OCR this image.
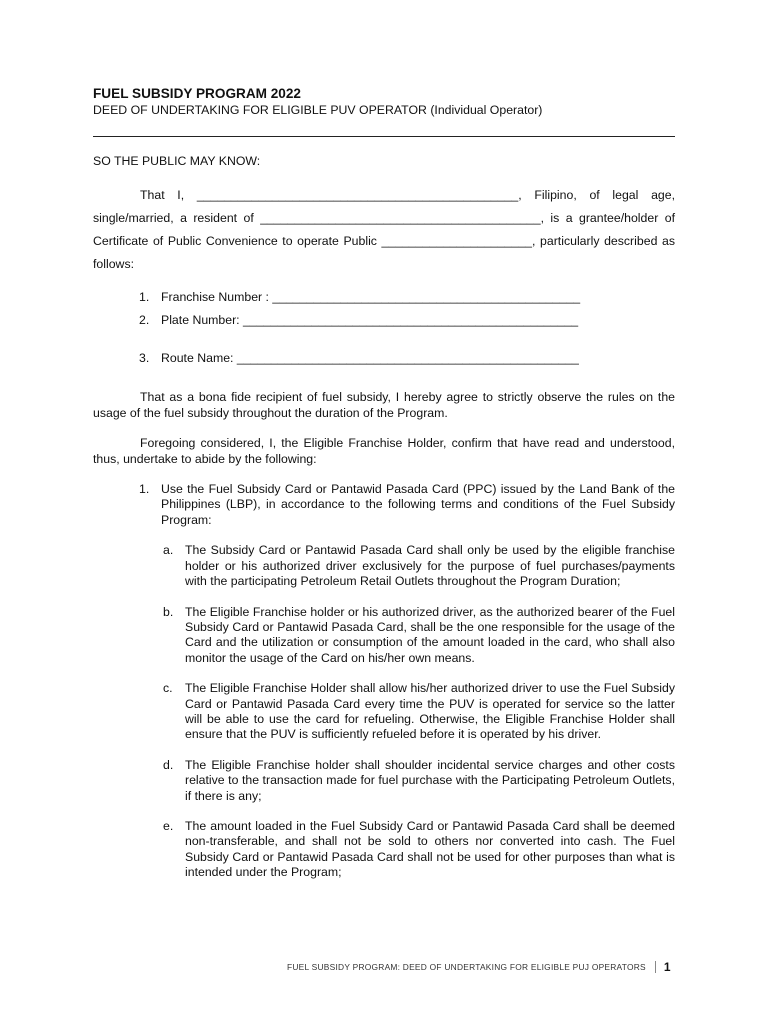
FUEL SUBSIDY PROGRAM 2022
DEED OF UNDERTAKING FOR ELIGIBLE PUV OPERATOR (Individual Operator)

SO THE PUBLIC MAY KNOW:

That I, _______________________________________________, Filipino, of legal age, single/married, a resident of _________________________________________, is a grantee/holder of Certificate of Public Convenience to operate Public ______________________, particularly described as follows:

1. Franchise Number : _____________________________________________
2. Plate Number: _________________________________________________
3. Route Name: __________________________________________________

That as a bona fide recipient of fuel subsidy, I hereby agree to strictly observe the rules on the usage of the fuel subsidy throughout the duration of the Program.

Foregoing considered, I, the Eligible Franchise Holder, confirm that have read and understood, thus, undertake to abide by the following:

1. Use the Fuel Subsidy Card or Pantawid Pasada Card (PPC) issued by the Land Bank of the Philippines (LBP), in accordance to the following terms and conditions of the Fuel Subsidy Program:

a. The Subsidy Card or Pantawid Pasada Card shall only be used by the eligible franchise holder or his authorized driver exclusively for the purpose of fuel purchases/payments with the participating Petroleum Retail Outlets throughout the Program Duration;

b. The Eligible Franchise holder or his authorized driver, as the authorized bearer of the Fuel Subsidy Card or Pantawid Pasada Card, shall be the one responsible for the usage of the Card and the utilization or consumption of the amount loaded in the card, who shall also monitor the usage of the Card on his/her own means.

c. The Eligible Franchise Holder shall allow his/her authorized driver to use the Fuel Subsidy Card or Pantawid Pasada Card every time the PUV is operated for service so the latter will be able to use the card for refueling. Otherwise, the Eligible Franchise Holder shall ensure that the PUV is sufficiently refueled before it is operated by his driver.

d. The Eligible Franchise holder shall shoulder incidental service charges and other costs relative to the transaction made for fuel purchase with the Participating Petroleum Outlets, if there is any;

e. The amount loaded in the Fuel Subsidy Card or Pantawid Pasada Card shall be deemed non-transferable, and shall not be sold to others nor converted into cash. The Fuel Subsidy Card or Pantawid Pasada Card shall not be used for other purposes than what is intended under the Program;

FUEL SUBSIDY PROGRAM: DEED OF UNDERTAKING FOR ELIGIBLE PUJ OPERATORS 1
